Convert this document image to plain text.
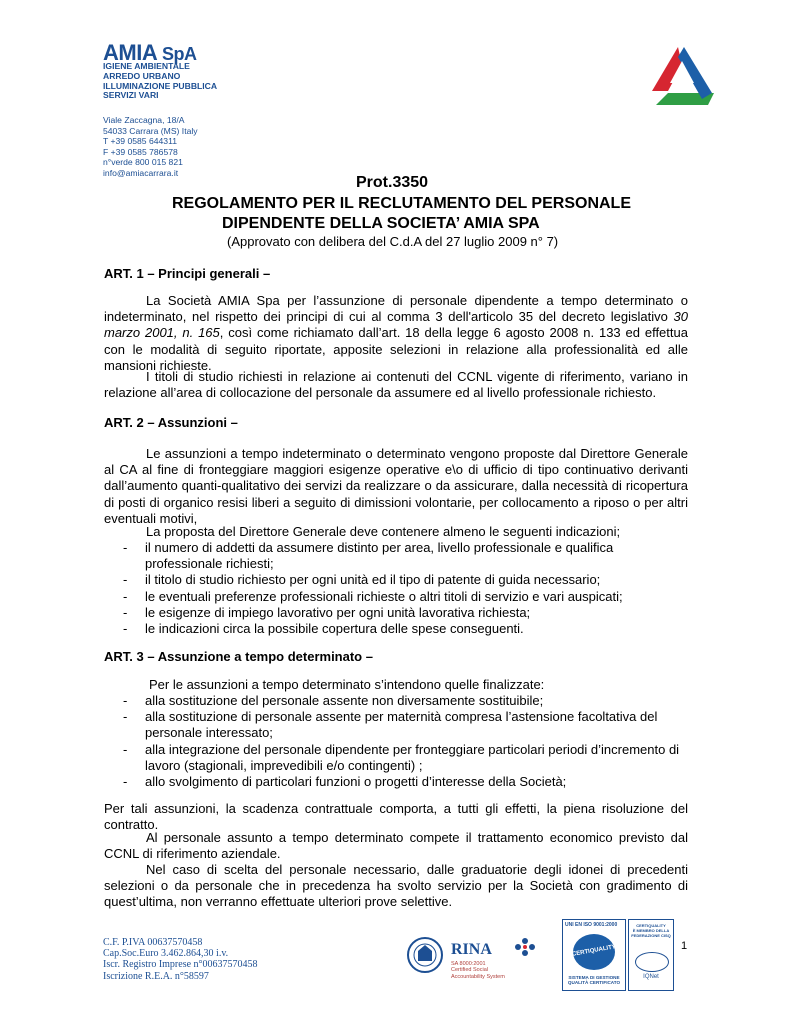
AMIA SpA
IGIENE AMBIENTALE
ARREDO URBANO
ILLUMINAZIONE PUBBLICA
SERVIZI VARI
Viale Zaccagna, 18/A
54033 Carrara (MS) Italy
T +39 0585 644311
F +39 0585 786578
n°verde 800 015 821
info@amiacarrara.it
Prot.3350
REGOLAMENTO PER IL RECLUTAMENTO DEL PERSONALE
DIPENDENTE DELLA SOCIETA’ AMIA SPA
(Approvato con delibera del C.d.A del 27 luglio 2009 n° 7)
ART. 1 – Principi generali –
La Società AMIA Spa per l’assunzione di personale dipendente a tempo determinato o indeterminato, nel rispetto dei principi di cui al comma 3 dell'articolo 35 del decreto legislativo 30 marzo 2001, n. 165, così come richiamato dall’art. 18 della legge 6 agosto 2008 n. 133 ed effettua con le modalità di seguito riportate, apposite selezioni in relazione alla professionalità ed alle mansioni richieste.
I titoli di studio richiesti in relazione ai contenuti del CCNL vigente di riferimento, variano in relazione all’area di collocazione del personale da assumere ed al livello professionale richiesto.
ART. 2 – Assunzioni –
Le assunzioni a tempo indeterminato o determinato vengono proposte dal Direttore Generale al CA al fine di fronteggiare maggiori esigenze operative e\o di ufficio di tipo continuativo derivanti dall’aumento quanti-qualitativo dei servizi da realizzare o da assicurare, dalla necessità di ricopertura di posti di organico resisi liberi a seguito di dimissioni volontarie, per collocamento a riposo o per altri eventuali motivi,
La proposta del Direttore Generale deve contenere almeno le seguenti indicazioni;
- il numero di addetti da assumere distinto per area, livello professionale e qualifica professionale richiesti;
- il titolo di studio richiesto per ogni unità ed il tipo di patente di guida necessario;
- le eventuali preferenze professionali richieste o altri titoli di servizio e vari auspicati;
- le esigenze di impiego lavorativo per ogni unità lavorativa richiesta;
- le indicazioni circa la possibile copertura delle spese conseguenti.
ART. 3 – Assunzione a tempo determinato –
Per le assunzioni a tempo determinato s’intendono quelle finalizzate:
- alla sostituzione del personale assente non diversamente sostituibile;
- alla sostituzione di personale assente per maternità compresa l’astensione facoltativa del personale interessato;
- alla integrazione del personale dipendente per fronteggiare particolari periodi d’incremento di lavoro (stagionali, imprevedibili e/o contingenti) ;
- allo svolgimento di particolari funzioni o progetti d’interesse della Società;
Per tali assunzioni, la scadenza contrattuale comporta, a tutti gli effetti, la piena risoluzione del contratto.
Al personale assunto a tempo determinato compete il trattamento economico previsto dal CCNL di riferimento aziendale.
Nel caso di scelta del personale necessario, dalle graduatorie degli idonei di precedenti selezioni o da personale che in precedenza ha svolto servizio per la Società con gradimento di quest’ultima, non verranno effettuate ulteriori prove selettive.
C.F. P.IVA 00637570458
Cap.Soc.Euro 3.462.864,30 i.v.
Iscr. Registro Imprese n°00637570458
Iscrizione R.E.A. n°58597
RINA
SA 8000:2001
Certified Social
Accountability System
UNI EN ISO 9001:2000
CERTIQUALITY
SISTEMA DI GESTIONE
QUALITÀ CERTIFICATO
CERTIQUALITY
È MEMBRO DELLA
FEDERAZIONE CISQ
IQNet
1
